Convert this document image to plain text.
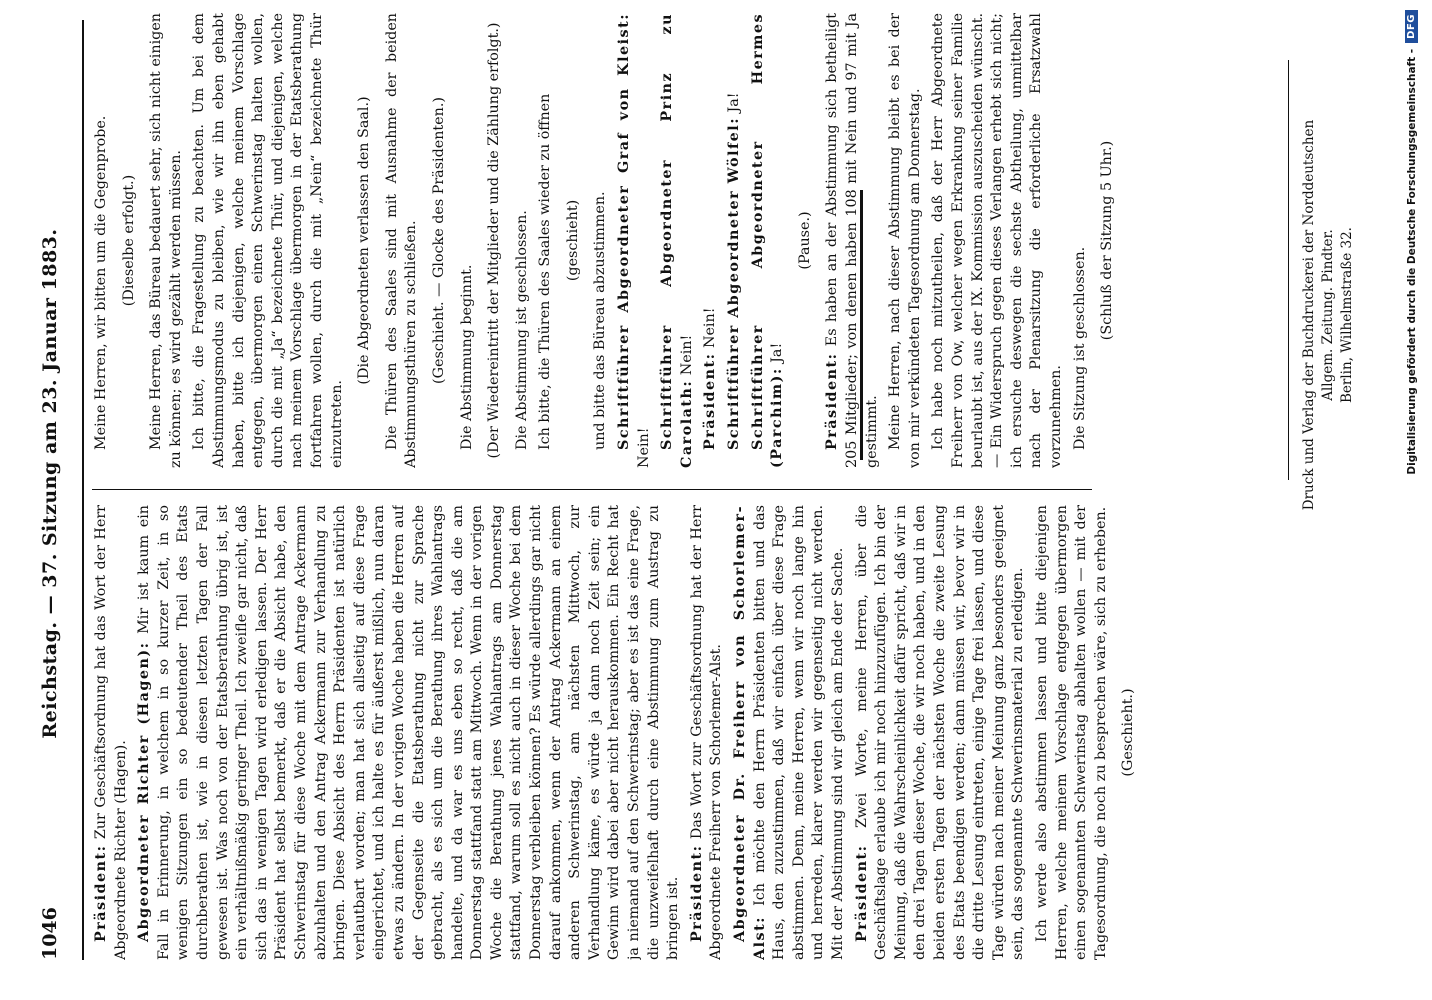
1046
Reichstag. — 37. Sitzung am 23. Januar 1883.

Präsident: Zur Geschäftsordnung hat das Wort der Herr Abgeordnete Richter (Hagen). Abgeordneter Richter (Hagen): Mir ist kaum ein Fall in Erinnerung, in welchem in so kurzer Zeit, in so wenigen Sitzungen ein so bedeutender Theil des Etats durchberathen ist, wie in diesen letzten Tagen der Fall gewesen ist. Was noch von der Etatsberathung übrig ist, ist ein verhältnißmäßig geringer Theil. Ich zweifle gar nicht, daß sich das in wenigen Tagen wird erledigen lassen. Der Herr Präsident hat selbst bemerkt, daß er die Absicht habe, den Schwerinstag für diese Woche mit dem Antrage Ackermann abzuhalten und den Antrag Ackermann zur Verhandlung zu bringen. Diese Absicht des Herrn Präsidenten ist natürlich verlautbart worden; man hat sich allseitig auf diese Frage eingerichtet, und ich halte es für äußerst mißlich, nun daran etwas zu ändern. In der vorigen Woche haben die Herren auf der Gegenseite die Etatsberathung nicht zur Sprache gebracht, als es sich um die Berathung ihres Wahlantrags handelte, und da war es uns eben so recht, daß die am Donnerstag stattfand statt am Mittwoch. Wenn in der vorigen Woche die Berathung jenes Wahlantrags am Donnerstag stattfand, warum soll es nicht auch in dieser Woche bei dem Donnerstag verbleiben können? Es würde allerdings gar nicht darauf ankommen, wenn der Antrag Ackermann an einem anderen Schwerinstag, am nächsten Mittwoch, zur Verhandlung käme, es würde ja dann noch Zeit sein; ein Gewinn wird dabei aber nicht herauskommen. Ein Recht hat ja niemand auf den Schwerinstag; aber es ist das eine Frage, die unzweifelhaft durch eine Abstimmung zum Austrag zu bringen ist. Präsident: Das Wort zur Geschäftsordnung hat der Herr Abgeordnete Freiherr von Schorlemer-Alst. Abgeordneter Dr. Freiherr von Schorlemer-Alst: Ich möchte den Herrn Präsidenten bitten und das Haus, den zuzustimmen, daß wir einfach über diese Frage abstimmen. Denn, meine Herren, wenn wir noch lange hin und herreden, klarer werden wir gegenseitig nicht werden. Mit der Abstimmung sind wir gleich am Ende der Sache. Präsident: Zwei Worte, meine Herren, über die Geschäftslage erlaube ich mir noch hinzuzufügen. Ich bin der Meinung, daß die Wahrscheinlichkeit dafür spricht, daß wir in den drei Tagen dieser Woche, die wir noch haben, und in den beiden ersten Tagen der nächsten Woche die zweite Lesung des Etats beendigen werden; dann müssen wir, bevor wir in die dritte Lesung eintreten, einige Tage frei lassen, und diese Tage würden nach meiner Meinung ganz besonders geeignet sein, das sogenannte Schwerinsmaterial zu erledigen. Ich werde also abstimmen lassen und bitte diejenigen Herren, welche meinem Vorschlage entgegen übermorgen einen sogenannten Schwerinstag abhalten wollen — mit der Tagesordnung, die noch zu besprechen wäre, sich zu erheben. (Geschieht.)

Meine Herren, wir bitten um die Gegenprobe. (Dieselbe erfolgt.) Meine Herren, das Büreau bedauert sehr, sich nicht einigen zu können; es wird gezählt werden müssen. Ich bitte, die Fragestellung zu beachten. Um bei dem Abstimmungsmodus zu bleiben, wie wir ihn eben gehabt haben, bitte ich diejenigen, welche meinem Vorschlage entgegen, übermorgen einen Schwerinstag halten wollen, durch die mit „Ja“ bezeichnete Thür, und diejenigen, welche nach meinem Vorschlage übermorgen in der Etatsberathung fortfahren wollen, durch die mit „Nein“ bezeichnete Thür einzutreten.

(Die Abgeordneten verlassen den Saal.) Die Thüren des Saales sind mit Ausnahme der beiden Abstimmungsthüren zu schließen. (Geschieht. — Glocke des Präsidenten.) Die Abstimmung beginnt. (Der Wiedereintritt der Mitglieder und die Zählung erfolgt.) Die Abstimmung ist geschlossen. Ich bitte, die Thüren des Saales wieder zu öffnen (geschieht) und bitte das Büreau abzustimmen. Schriftführer Abgeordneter Graf von Kleist: Nein! Schriftführer Abgeordneter Prinz zu Carolath: Nein! Präsident: Nein! Schriftführer Abgeordneter Wölfel: Ja! Schriftführer Abgeordneter Hermes (Parchim): Ja!

(Pause.)

Präsident: Es haben an der Abstimmung sich betheiligt 205 Mitglieder; von denen haben 108 mit Nein und 97 mit Ja gestimmt. Meine Herren, nach dieser Abstimmung bleibt es bei der von mir verkündeten Tagesordnung am Donnerstag. Ich habe noch mitzutheilen, daß der Herr Abgeordnete Freiherr von Ow, welcher wegen Erkrankung seiner Familie beurlaubt ist, aus der IX. Kommission auszuscheiden wünscht. — Ein Widerspruch gegen dieses Verlangen erhebt sich nicht; ich ersuche deswegen die sechste Abtheilung, unmittelbar nach der Plenarsitzung die erforderliche Ersatzwahl vorzunehmen. Die Sitzung ist geschlossen.

(Schluß der Sitzung 5 Uhr.)	Druck und Verlag der Buchdruckerei der Norddeutschen Allgem. Zeitung. Pindter. Berlin, Wilhelmstraße 32.	Digitalisierung gefördert durch die Deutsche Forschungsgemeinschaft -
DFG
